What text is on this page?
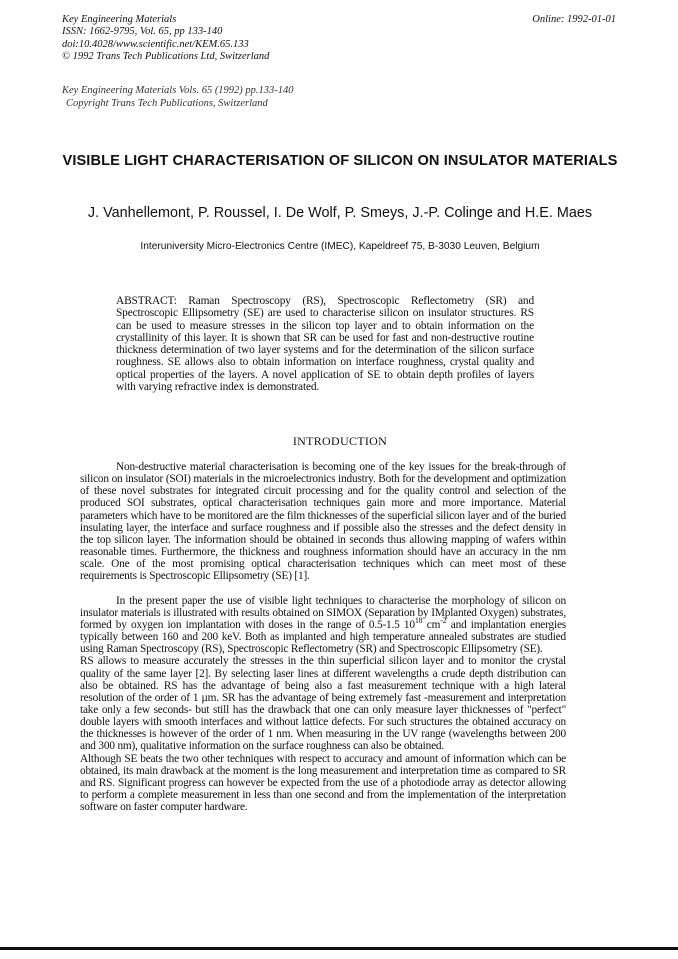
Key Engineering Materials
ISSN: 1662-9795, Vol. 65, pp 133-140
doi:10.4028/www.scientific.net/KEM.65.133
© 1992 Trans Tech Publications Ltd, Switzerland
Online: 1992-01-01
Key Engineering Materials Vols. 65 (1992) pp.133-140
Copyright Trans Tech Publications, Switzerland
VISIBLE LIGHT CHARACTERISATION OF SILICON ON INSULATOR MATERIALS
J. Vanhellemont, P. Roussel, I. De Wolf, P. Smeys, J.-P. Colinge and H.E. Maes
Interuniversity Micro-Electronics Centre (IMEC), Kapeldreef 75, B-3030 Leuven, Belgium
ABSTRACT: Raman Spectroscopy (RS), Spectroscopic Reflectometry (SR) and Spectroscopic Ellipsometry (SE) are used to characterise silicon on insulator structures. RS can be used to measure stresses in the silicon top layer and to obtain information on the crystallinity of this layer. It is shown that SR can be used for fast and non-destructive routine thickness determination of two layer systems and for the determination of the silicon surface roughness. SE allows also to obtain information on interface roughness, crystal quality and optical properties of the layers. A novel application of SE to obtain depth profiles of layers with varying refractive index is demonstrated.
INTRODUCTION

Non-destructive material characterisation is becoming one of the key issues for the break-through of silicon on insulator (SOI) materials in the microelectronics industry. Both for the development and optimization of these novel substrates for integrated circuit processing and for the quality control and selection of the produced SOI substrates, optical characterisation techniques gain more and more importance. Material parameters which have to be monitored are the film thicknesses of the superficial silicon layer and of the buried insulating layer, the interface and surface roughness and if possible also the stresses and the defect density in the top silicon layer. The information should be obtained in seconds thus allowing mapping of wafers within reasonable times. Furthermore, the thickness and roughness information should have an accuracy in the nm scale. One of the most promising optical characterisation techniques which can meet most of these requirements is Spectroscopic Ellipsometry (SE) [1].

In the present paper the use of visible light techniques to characterise the morphology of silicon on insulator materials is illustrated with results obtained on SIMOX (Separation by IMplanted Oxygen) substrates, formed by oxygen ion implantation with doses in the range of 0.5-1.5 $10^{18}$ $cm^{-2}$ and implantation energies typically between 160 and 200 keV. Both as implanted and high temperature annealed substrates are studied using Raman Spectroscopy (RS), Spectroscopic Reflectometry (SR) and Spectroscopic Ellipsometry (SE).

RS allows to measure accurately the stresses in the thin superficial silicon layer and to monitor the crystal quality of the same layer [2]. By selecting laser lines at different wavelengths a crude depth distribution can also be obtained. RS has the advantage of being also a fast measurement technique with a high lateral resolution of the order of 1 µm. SR has the advantage of being extremely fast -measurement and interpretation take only a few seconds- but still has the drawback that one can only measure layer thicknesses of "perfect" double layers with smooth interfaces and without lattice defects. For such structures the obtained accuracy on the thicknesses is however of the order of 1 nm. When measuring in the UV range (wavelengths between 200 and 300 nm), qualitative information on the surface roughness can also be obtained.

Although SE beats the two other techniques with respect to accuracy and amount of information which can be obtained, its main drawback at the moment is the long measurement and interpretation time as compared to SR and RS. Significant progress can however be expected from the use of a photodiode array as detector allowing to perform a complete measurement in less than one second and from the implementation of the interpretation software on faster computer hardware.
